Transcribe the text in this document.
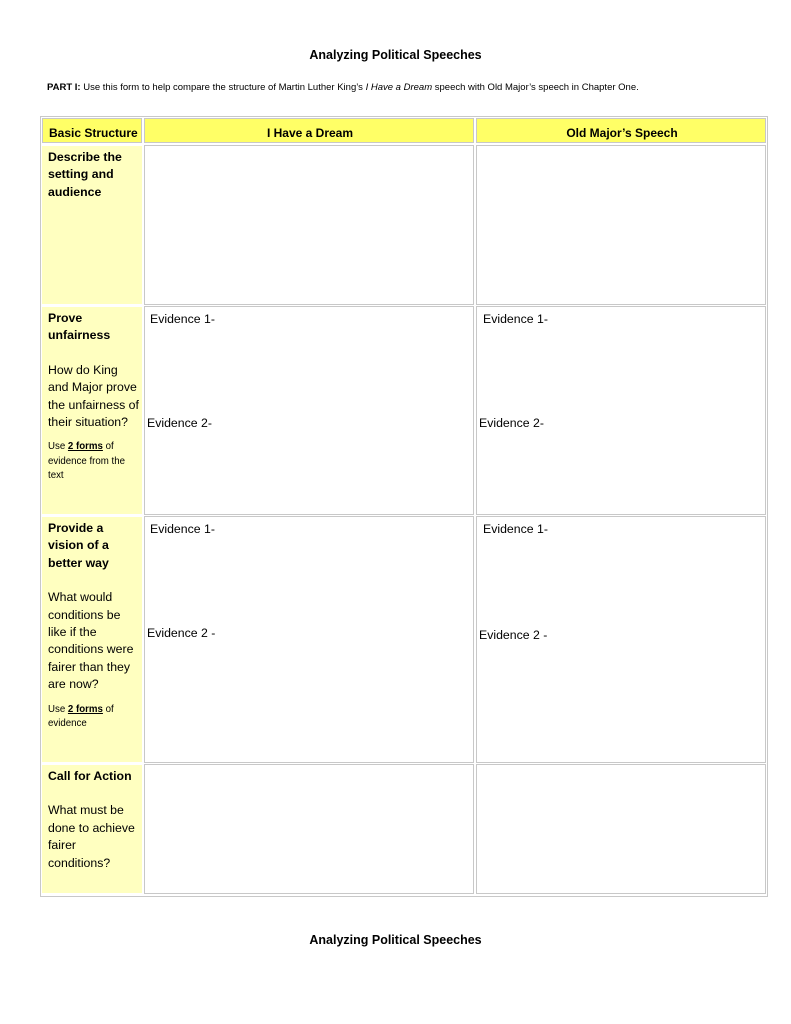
Analyzing Political Speeches
PART I: Use this form to help compare the structure of Martin Luther King’s I Have a Dream speech with Old Major’s speech in Chapter One.
Basic Structure	I Have a Dream	Old Major’s Speech
Describe the setting and audience
Prove unfairness
How do King and Major prove the unfairness of their situation?
Use 2 forms of evidence from the text
Evidence 1-
Evidence 2-
Evidence 1-
Evidence 2-
Provide a vision of a better way
What would conditions be like if the conditions were fairer than they are now?
Use 2 forms of evidence
Evidence 1-
Evidence 2 -
Evidence 1-
Evidence 2 -
Call for Action
What must be done to achieve fairer conditions?
Analyzing Political Speeches
